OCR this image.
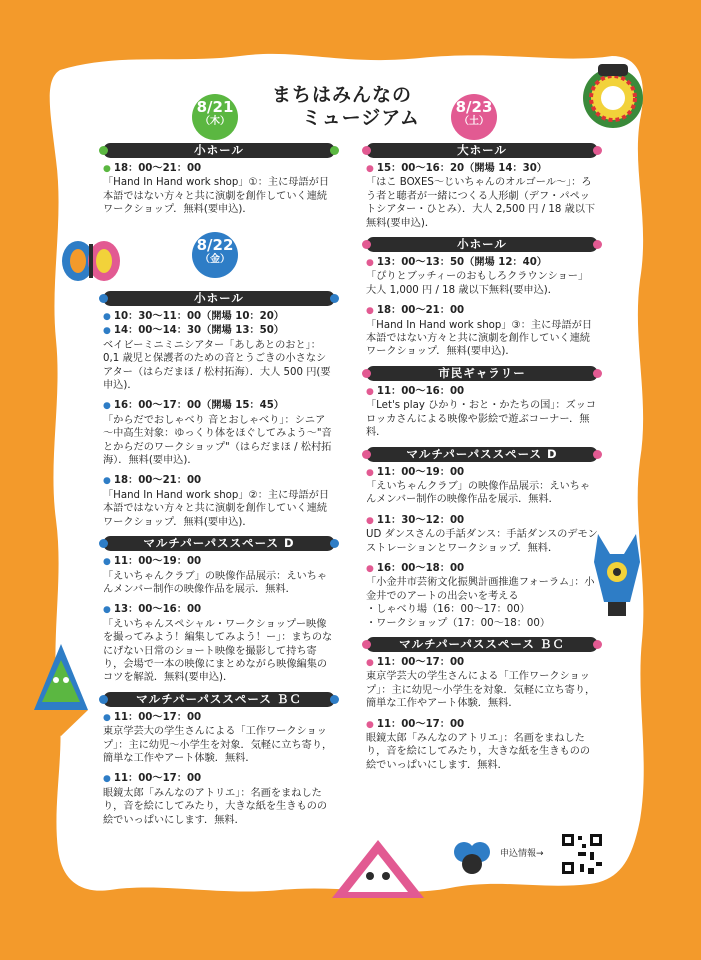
まちはみんなの
ミュージアム
8/21
（木）
8/22
（金）
8/23
（土）
小ホール
● 18：00～21：00
「Hand In Hand work shop」①：主に母語が日本語ではない方々と共に演劇を創作していく連続ワークショップ．無料(要申込)．
小ホール
● 10：30～11：00（開場 10：20）
● 14：00～14：30（開場 13：50）
ベイビーミニミニシアター「あしあとのおと」：0,1 歳児と保護者のための音とうごきの小さなシアター（はらだまほ / 松村拓海）．大人 500 円(要申込)．
● 16：00～17：00（開場 15：45）
「からだでおしゃべり 音とおしゃべり」：シニア～中高生対象：ゆっくり体をほぐしてみよう～"音とからだのワークショップ"（はらだまほ / 松村拓海）．無料(要申込)．
● 18：00～21：00
「Hand In Hand work shop」②：主に母語が日本語ではない方々と共に演劇を創作していく連続ワークショップ．無料(要申込)．
マルチパーパススペース D
● 11：00～19：00
「えいちゃんクラブ」の映像作品展示：えいちゃんメンバー制作の映像作品を展示．無料．
● 13：00～16：00
「えいちゃんスペシャル・ワークショップー映像を撮ってみよう！編集してみよう！ー」：まちのなにげない日常のショート映像を撮影して持ち寄り，会場で一本の映像にまとめながら映像編集のコツを解説．無料(要申込)．
マルチパーパススペース ＢＣ
● 11：00～17：00
東京学芸大の学生さんによる「工作ワークショップ」：主に幼児～小学生を対象．気軽に立ち寄り，簡単な工作やアート体験．無料．
● 11：00～17：00
眼鏡太郎「みんなのアトリエ」：名画をまねしたり，音を絵にしてみたり，大きな紙を生きものの絵でいっぱいにします．無料．
大ホール
● 15：00～16：20（開場 14：30）
「はこ BOXES～じいちゃんのオルゴール～」：ろう者と聴者が一緒につくる人形劇（デフ・パペットシアター・ひとみ）．大人 2,500 円 / 18 歳以下無料(要申込)．
小ホール
● 13：00～13：50（開場 12：40）
「ぴりとブッチィーのおもしろクラウンショー」大人 1,000 円 / 18 歳以下無料(要申込)．
● 18：00～21：00
「Hand In Hand work shop」③：主に母語が日本語ではない方々と共に演劇を創作していく連続ワークショップ．無料(要申込)．
市民ギャラリー
● 11：00～16：00
「Let's play ひかり・おと・かたちの国」：ズッコロッカさんによる映像や影絵で遊ぶコーナー．無料．
マルチパーパススペース D
● 11：00～19：00
「えいちゃんクラブ」の映像作品展示：えいちゃんメンバー制作の映像作品を展示．無料．
● 11：30～12：00
UD ダンスさんの手話ダンス：手話ダンスのデモンストレーションとワークショップ．無料．
● 16：00～18：00
「小金井市芸術文化振興計画推進フォーラム」：小金井でのアートの出会いを考える
・しゃべり場（16：00～17：00）
・ワークショップ（17：00～18：00）
マルチパーパススペース ＢＣ
● 11：00～17：00
東京学芸大の学生さんによる「工作ワークショップ」：主に幼児～小学生を対象．気軽に立ち寄り，簡単な工作やアート体験．無料．
● 11：00～17：00
眼鏡太郎「みんなのアトリエ」：名画をまねしたり，音を絵にしてみたり，大きな紙を生きものの絵でいっぱいにします．無料．
申込情報→
